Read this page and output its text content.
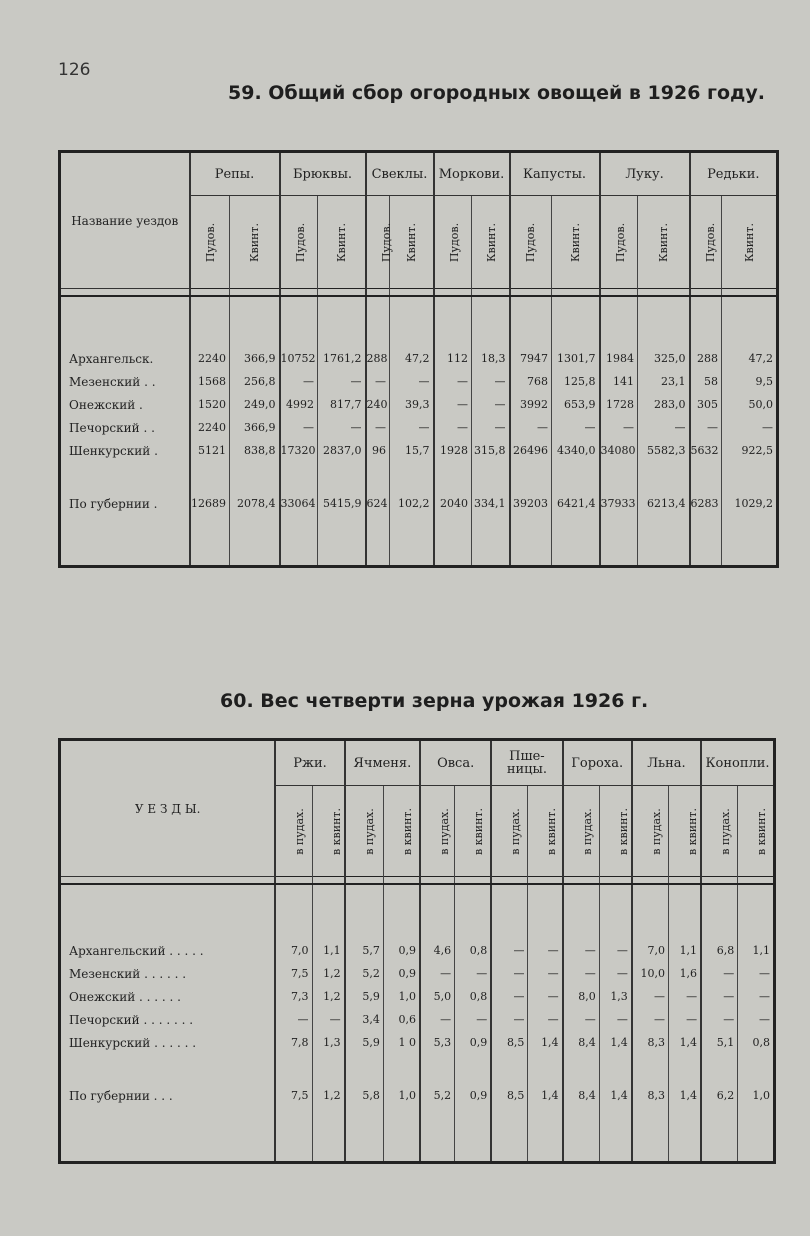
126
59. Общий сбор огородных овощей в 1926 году.
Название уездов	Репы.		Брюквы.		Свеклы.		Моркови.		Капусты.		Луку.		Редьки.	
	Пудов.	Квинт.	Пудов.	Квинт.	Пудов.	Квинт.	Пудов.	Квинт.	Пудов.	Квинт.	Пудов.	Квинт.	Пудов.	Квинт.

Архангельск.	2240	366,9	10752	1761,2	288	47,2	112	18,3	7947	1301,7	1984	325,0	288	47,2
Мезенский . .	1568	256,8	—	—	—	—	—	—	768	125,8	141	23,1	58	9,5
Онежский .	1520	249,0	4992	817,7	240	39,3	—	—	3992	653,9	1728	283,0	305	50,0
Печорский . .	2240	366,9	—	—	—	—	—	—	—	—	—	—	—	—
Шенкурский .	5121	838,8	17320	2837,0	96	15,7	1928	315,8	26496	4340,0	34080	5582,3	5632	922,5

По губернии .	12689	2078,4	33064	5415,9	624	102,2	2040	334,1	39203	6421,4	37933	6213,4	6283	1029,2

60. Вес четверти зерна урожая 1926 г.
У Е З Д Ы.	Ржи.		Ячменя.		Овса.		Пше- ницы.		Гороха.		Льна.		Конопли.	
	в пудах.	в квинт.	в пудах.	в квинт.	в пудах.	в квинт.	в пудах.	в квинт.	в пудах.	в квинт.	в пудах.	в квинт.	в пудах.	в квинт.

Архангельский . . . . .	7,0	1,1	5,7	0,9	4,6	0,8	—	—	—	—	7,0	1,1	6,8	1,1
Мезенский . . . . . .	7,5	1,2	5,2	0,9	—	—	—	—	—	—	10,0	1,6	—	—
Онежский . . . . . .	7,3	1,2	5,9	1,0	5,0	0,8	—	—	8,0	1,3	—	—	—	—
Печорский . . . . . . .	—	—	3,4	0,6	—	—	—	—	—	—	—	—	—	—
Шенкурский . . . . . .	7,8	1,3	5,9	1 0	5,3	0,9	8,5	1,4	8,4	1,4	8,3	1,4	5,1	0,8

По губернии . . .	7,5	1,2	5,8	1,0	5,2	0,9	8,5	1,4	8,4	1,4	8,3	1,4	6,2	1,0
